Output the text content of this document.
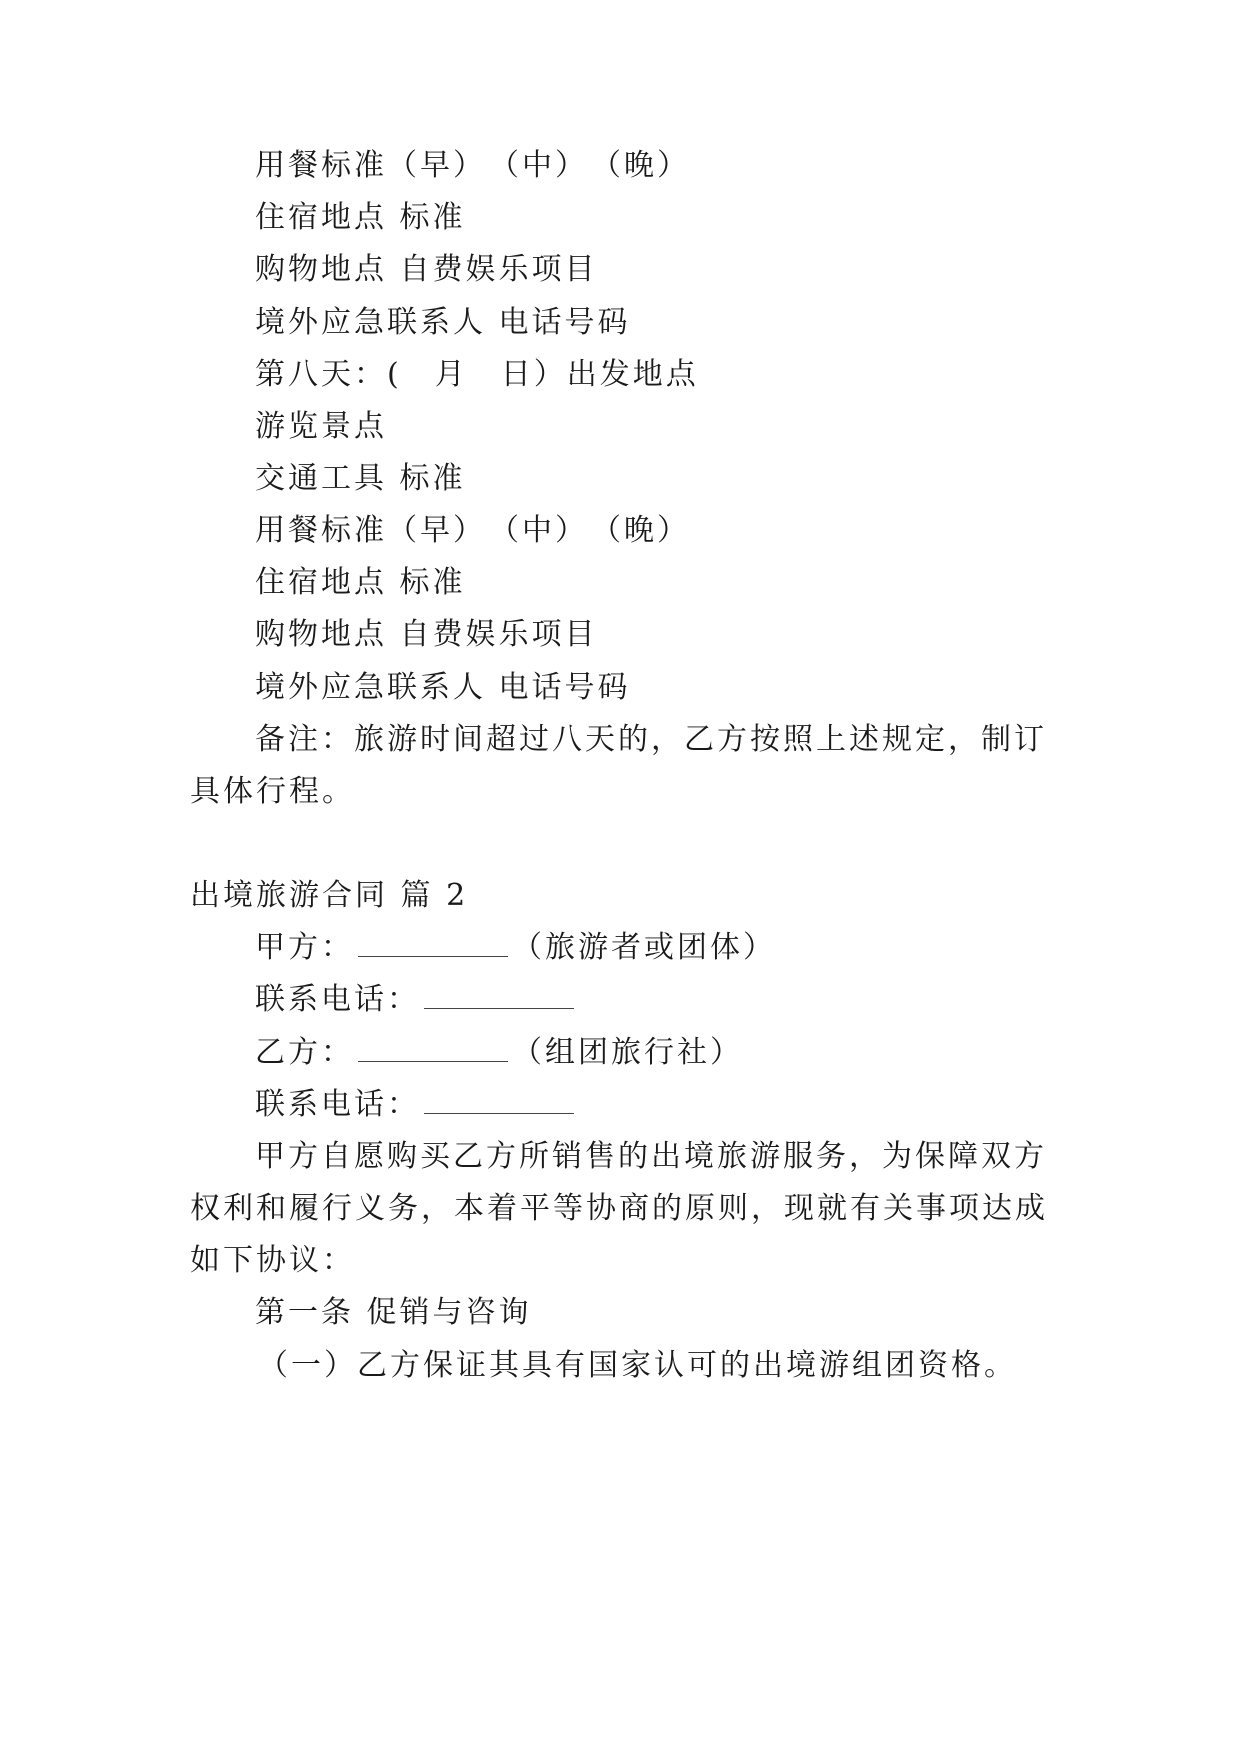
用餐标准（早）　（中）　（晚）
住宿地点 标准
购物地点 自费娱乐项目
境外应急联系人 电话号码
第八天：(　月　日）出发地点
游览景点
交通工具 标准
用餐标准（早）　（中）　（晚）
住宿地点 标准
购物地点 自费娱乐项目
境外应急联系人 电话号码
备注：旅游时间超过八天的，乙方按照上述规定，制订
具体行程。
出境旅游合同 篇 2
甲方：	（旅游者或团体）
联系电话：
乙方：	（组团旅行社）
联系电话：
甲方自愿购买乙方所销售的出境旅游服务，为保障双方
权利和履行义务，本着平等协商的原则，现就有关事项达成
如下协议：
第一条 促销与咨询
（一）乙方保证其具有国家认可的出境游组团资格。
